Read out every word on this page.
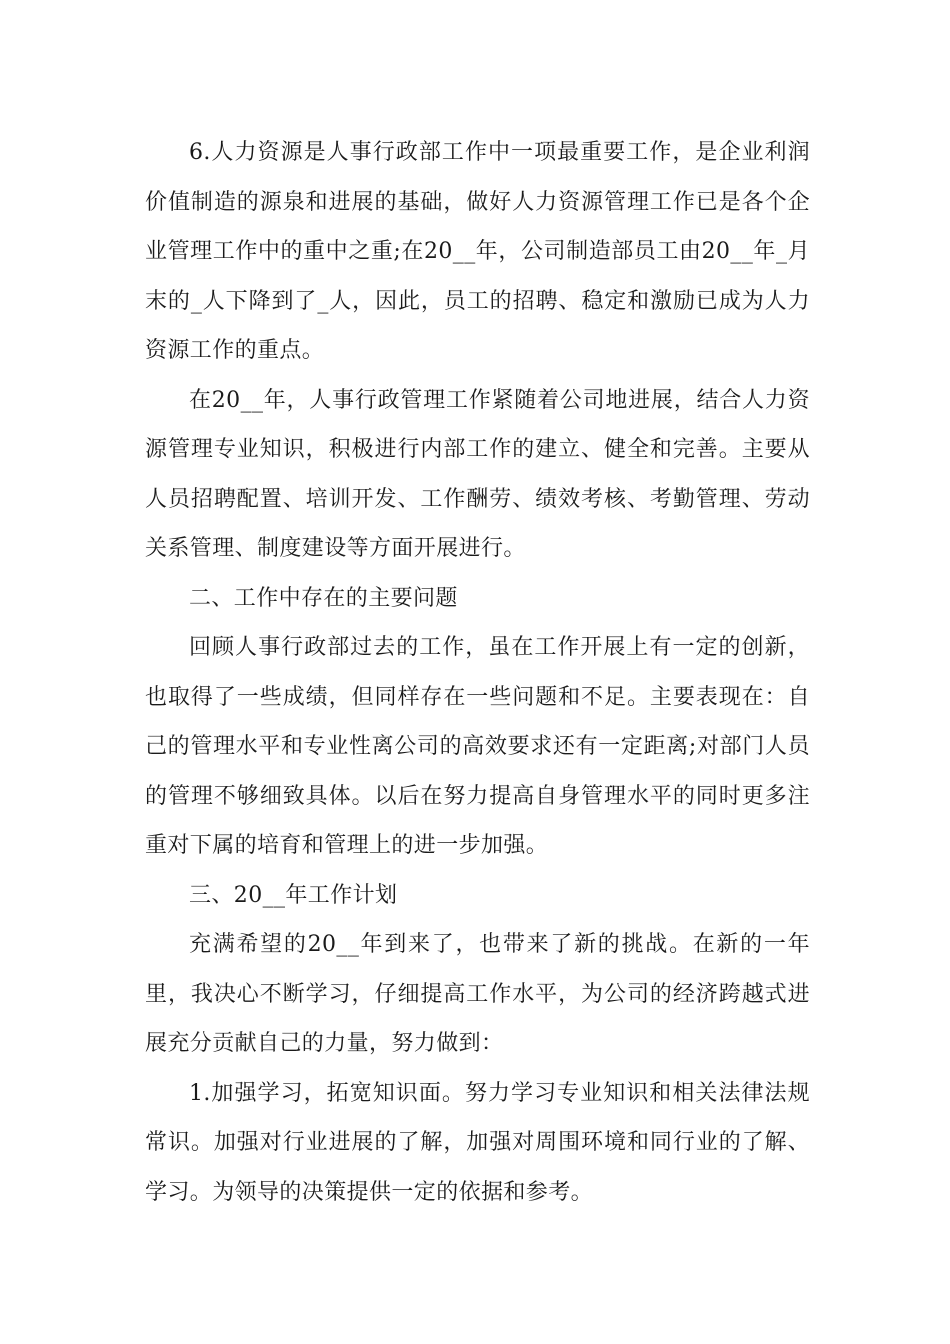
6.人力资源是人事行政部工作中一项最重要工作，是企业利润价值制造的源泉和进展的基础，做好人力资源管理工作已是各个企业管理工作中的重中之重;在20__年，公司制造部员工由20__年_月末的_人下降到了_人，因此，员工的招聘、稳定和激励已成为人力资源工作的重点。

在20__年，人事行政管理工作紧随着公司地进展，结合人力资源管理专业知识，积极进行内部工作的建立、健全和完善。主要从人员招聘配置、培训开发、工作酬劳、绩效考核、考勤管理、劳动关系管理、制度建设等方面开展进行。

二、工作中存在的主要问题

回顾人事行政部过去的工作，虽在工作开展上有一定的创新，也取得了一些成绩，但同样存在一些问题和不足。主要表现在：自己的管理水平和专业性离公司的高效要求还有一定距离;对部门人员的管理不够细致具体。以后在努力提高自身管理水平的同时更多注重对下属的培育和管理上的进一步加强。

三、20__年工作计划

充满希望的20__年到来了，也带来了新的挑战。在新的一年里，我决心不断学习，仔细提高工作水平，为公司的经济跨越式进展充分贡献自己的力量，努力做到：

1.加强学习，拓宽知识面。努力学习专业知识和相关法律法规常识。加强对行业进展的了解，加强对周围环境和同行业的了解、学习。为领导的决策提供一定的依据和参考。
